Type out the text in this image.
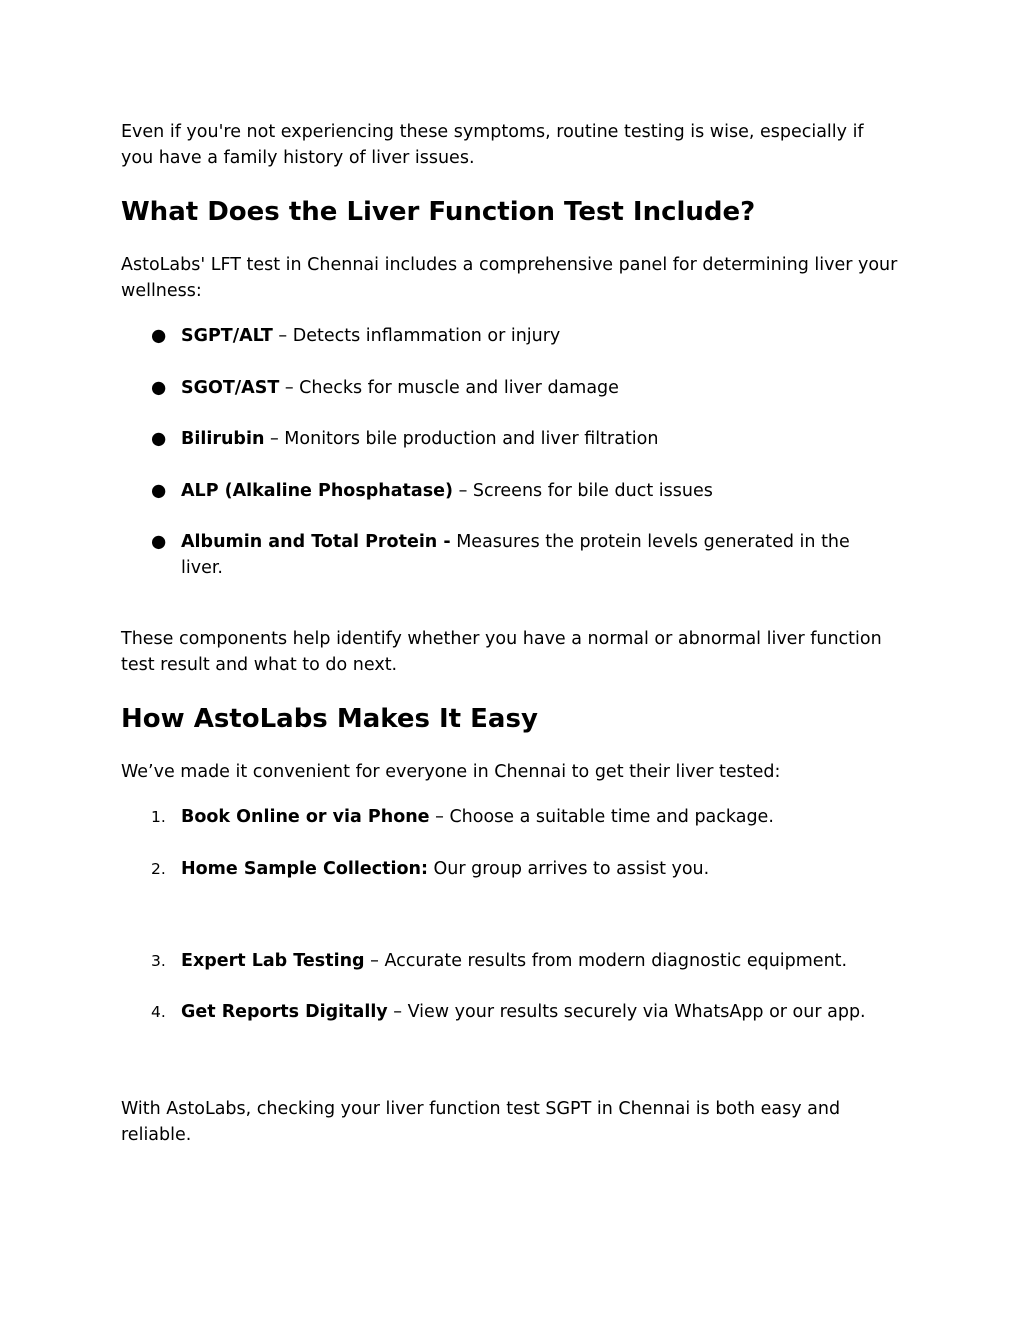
Even if you're not experiencing these symptoms, routine testing is wise, especially if you have a family history of liver issues.

What Does the Liver Function Test Include?

AstoLabs' LFT test in Chennai includes a comprehensive panel for determining liver your wellness:

● SGPT/ALT – Detects inflammation or injury
● SGOT/AST – Checks for muscle and liver damage
● Bilirubin – Monitors bile production and liver filtration
● ALP (Alkaline Phosphatase) – Screens for bile duct issues
● Albumin and Total Protein - Measures the protein levels generated in the liver.

These components help identify whether you have a normal or abnormal liver function test result and what to do next.

How AstoLabs Makes It Easy

We’ve made it convenient for everyone in Chennai to get their liver tested:

1. Book Online or via Phone – Choose a suitable time and package.
2. Home Sample Collection: Our group arrives to assist you.
3. Expert Lab Testing – Accurate results from modern diagnostic equipment.
4. Get Reports Digitally – View your results securely via WhatsApp or our app.

With AstoLabs, checking your liver function test SGPT in Chennai is both easy and reliable.
